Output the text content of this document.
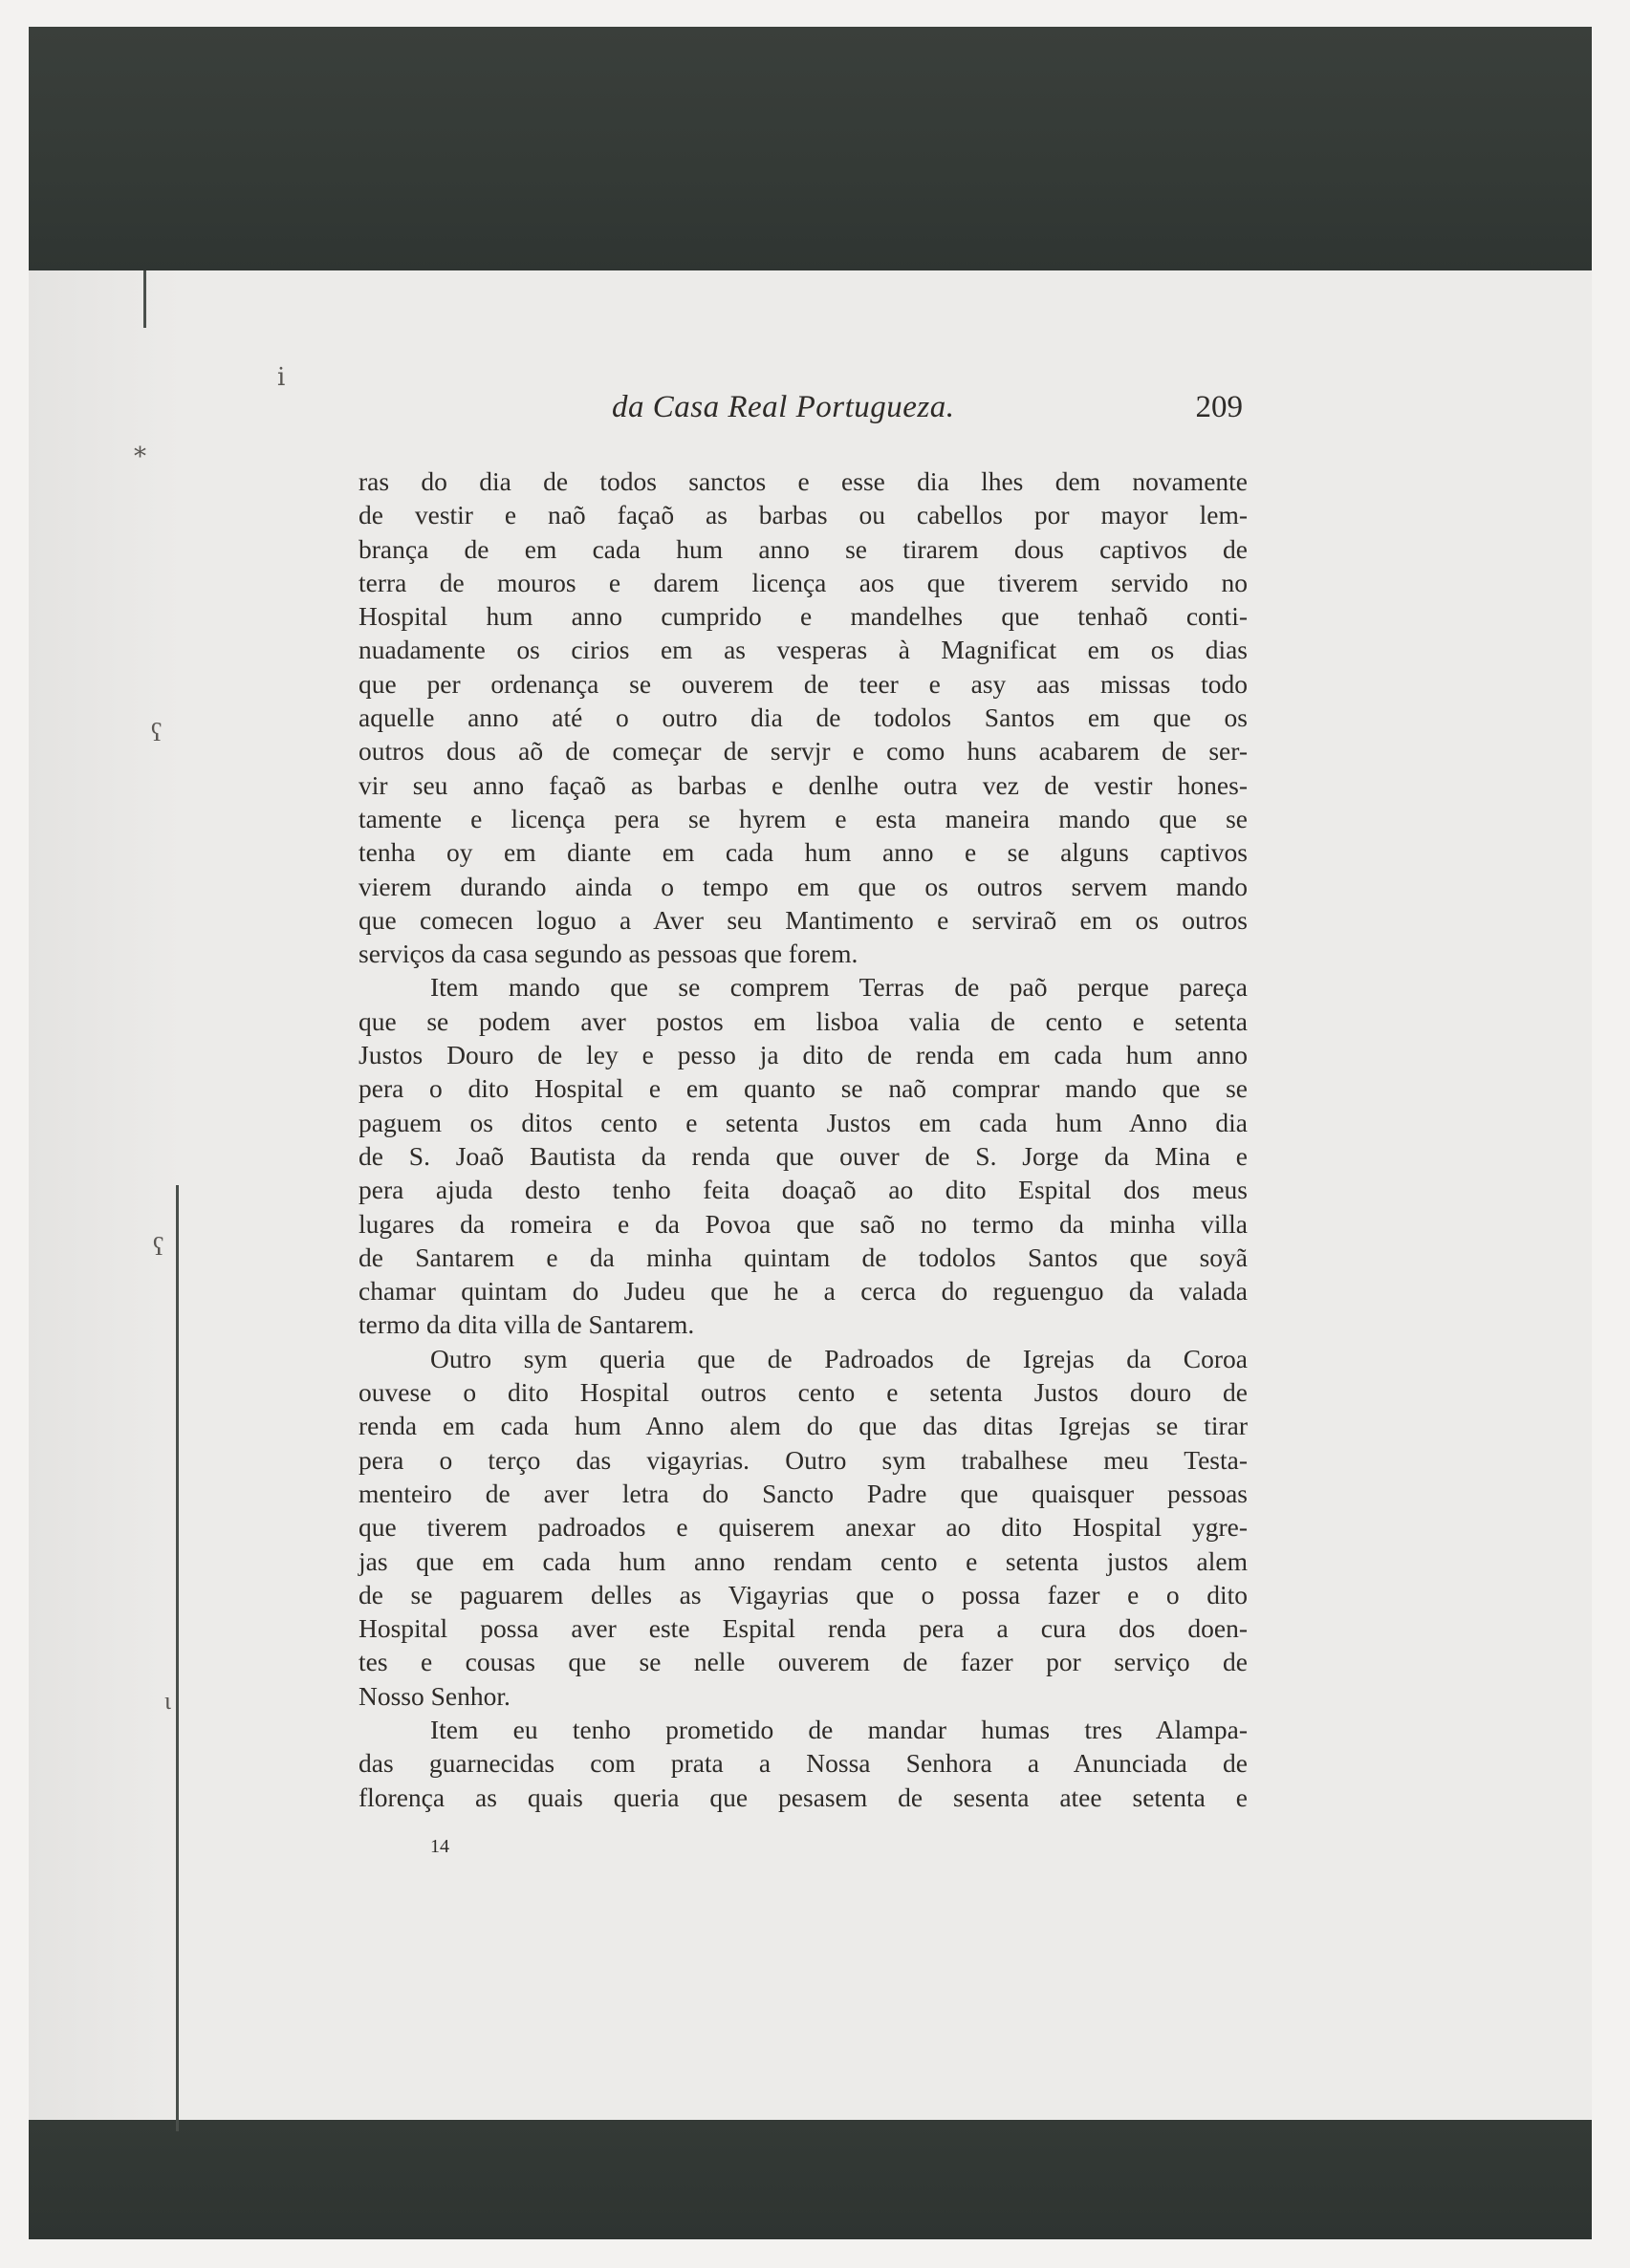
ⅰ
⁎
ʕ
ʕ
ɩ
da Casa Real Portugueza.	209
ras do dia de todos sanctos e esse dia lhes dem novamente
de vestir e naõ façaõ as barbas ou cabellos por mayor lem-
brança de em cada hum anno se tirarem dous captivos de
terra de mouros e darem licença aos que tiverem servido no
Hospital hum anno cumprido e mandelhes que tenhaõ conti-
nuadamente os cirios em as vesperas à Magnificat em os dias
que per ordenança se ouverem de teer e asy aas missas todo
aquelle anno até o outro dia de todolos Santos em que os
outros dous aõ de começar de servjr e como huns acabarem de ser-
vir seu anno façaõ as barbas e denlhe outra vez de vestir hones-
tamente e licença pera se hyrem e esta maneira mando que se
tenha oy em diante em cada hum anno e se alguns captivos
vierem durando ainda o tempo em que os outros servem mando
que comecen loguo a Aver seu Mantimento e serviraõ em os outros
serviços da casa segundo as pessoas que forem.
Item mando que se comprem Terras de paõ perque pareça
que se podem aver postos em lisboa valia de cento e setenta
Justos Douro de ley e pesso ja dito de renda em cada hum anno
pera o dito Hospital e em quanto se naõ comprar mando que se
paguem os ditos cento e setenta Justos em cada hum Anno dia
de S. Joaõ Bautista da renda que ouver de S. Jorge da Mina e
pera ajuda desto tenho feita doaçaõ ao dito Espital dos meus
lugares da romeira e da Povoa que saõ no termo da minha villa
de Santarem e da minha quintam de todolos Santos que soyã
chamar quintam do Judeu que he a cerca do reguenguo da valada
termo da dita villa de Santarem.
Outro sym queria que de Padroados de Igrejas da Coroa
ouvese o dito Hospital outros cento e setenta Justos douro de
renda em cada hum Anno alem do que das ditas Igrejas se tirar
pera o terço das vigayrias. Outro sym trabalhese meu Testa-
menteiro de aver letra do Sancto Padre que quaisquer pessoas
que tiverem padroados e quiserem anexar ao dito Hospital ygre-
jas que em cada hum anno rendam cento e setenta justos alem
de se paguarem delles as Vigayrias que o possa fazer e o dito
Hospital possa aver este Espital renda pera a cura dos doen-
tes e cousas que se nelle ouverem de fazer por serviço de
Nosso Senhor.
Item eu tenho prometido de mandar humas tres Alampa-
das guarnecidas com prata a Nossa Senhora a Anunciada de
florença as quais queria que pesasem de sesenta atee setenta e
14
